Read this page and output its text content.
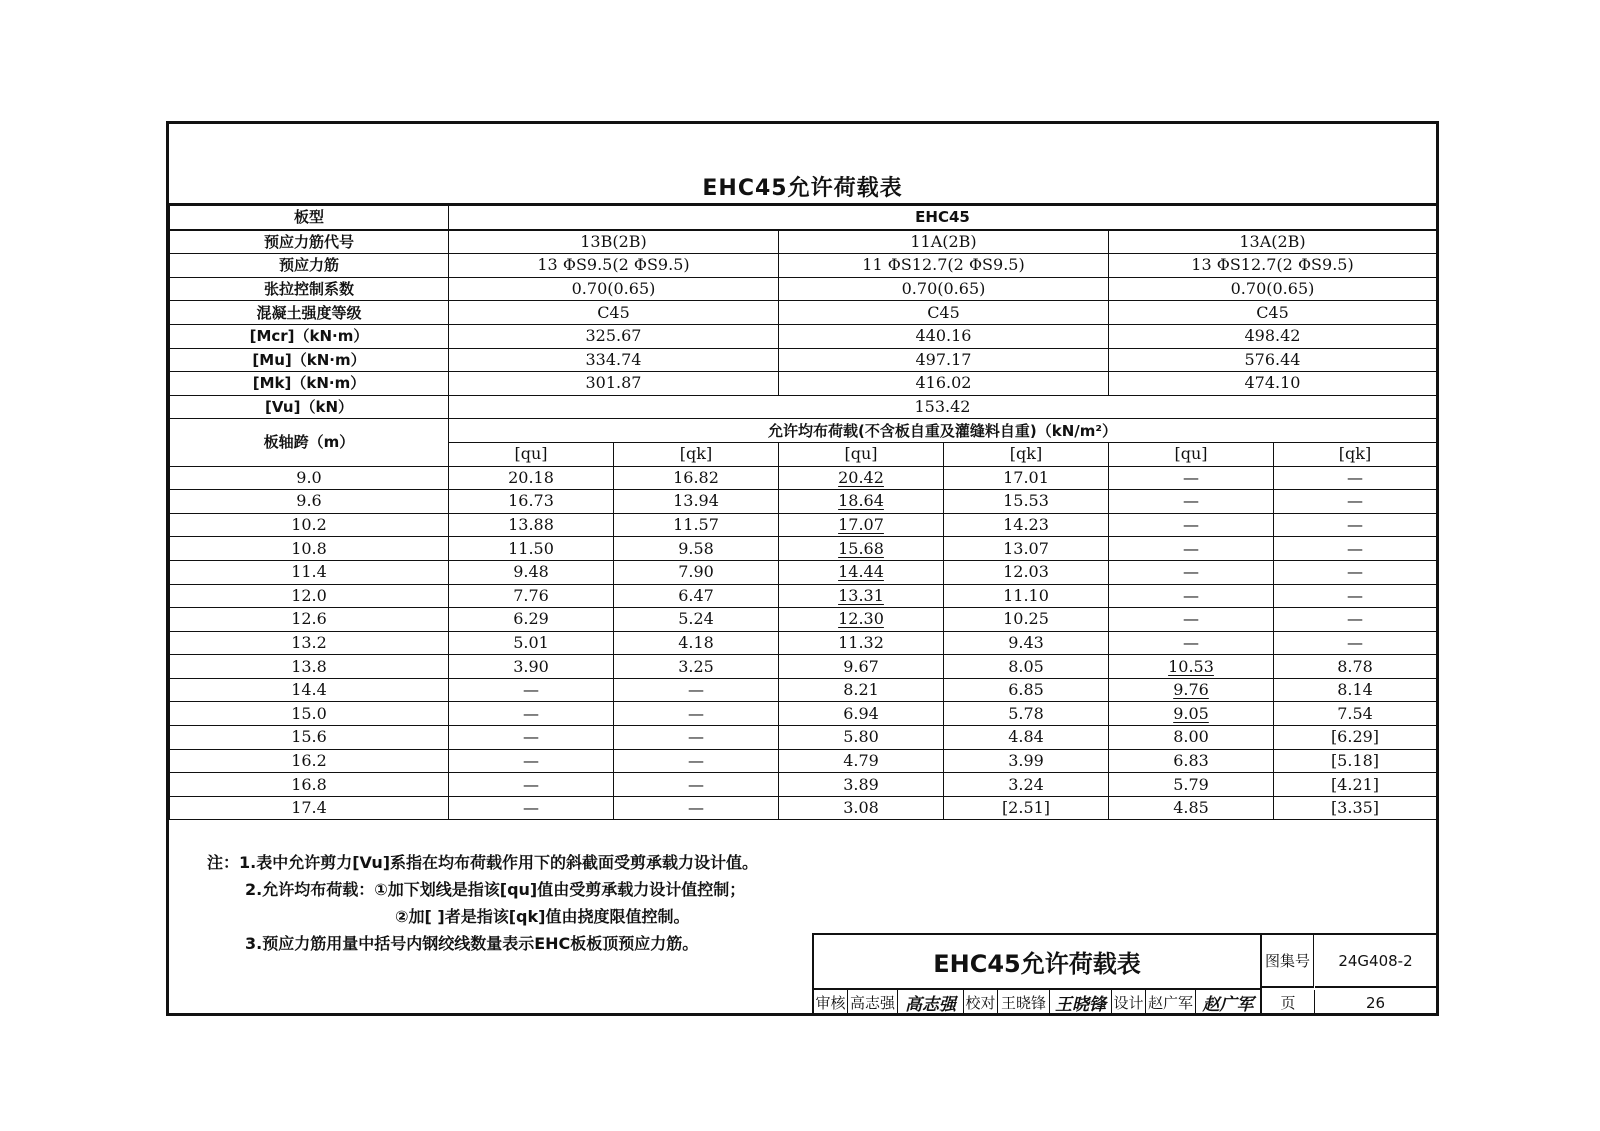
EHC45允许荷载表
板型	EHC45					
预应力筋代号	13B(2B)		11A(2B)		13A(2B)	
预应力筋	13 ΦS9.5(2 ΦS9.5)		11 ΦS12.7(2 ΦS9.5)		13 ΦS12.7(2 ΦS9.5)	
张拉控制系数	0.70(0.65)		0.70(0.65)		0.70(0.65)	
混凝土强度等级	C45		C45		C45	
[Mcr]（kN·m）	325.67		440.16		498.42	
[Mu]（kN·m）	334.74		497.17		576.44	
[Mk]（kN·m）	301.87		416.02		474.10	
[Vu]（kN）	153.42					
板轴跨（m）	允许均布荷载(不含板自重及灌缝料自重)（kN/m²）					
	[qu]	[qk]	[qu]	[qk]	[qu]	[qk]
9.0	20.18	16.82	20.42	17.01	—	—
9.6	16.73	13.94	18.64	15.53	—	—
10.2	13.88	11.57	17.07	14.23	—	—
10.8	11.50	9.58	15.68	13.07	—	—
11.4	9.48	7.90	14.44	12.03	—	—
12.0	7.76	6.47	13.31	11.10	—	—
12.6	6.29	5.24	12.30	10.25	—	—
13.2	5.01	4.18	11.32	9.43	—	—
13.8	3.90	3.25	9.67	8.05	10.53	8.78
14.4	—	—	8.21	6.85	9.76	8.14
15.0	—	—	6.94	5.78	9.05	7.54
15.6	—	—	5.80	4.84	8.00	[6.29]
16.2	—	—	4.79	3.99	6.83	[5.18]
16.8	—	—	3.89	3.24	5.79	[4.21]
17.4	—	—	3.08	[2.51]	4.85	[3.35]
注：1.表中允许剪力[Vu]系指在均布荷载作用下的斜截面受剪承载力设计值。
2.允许均布荷载：①加下划线是指该[qu]值由受剪承载力设计值控制；
②加[ ]者是指该[qk]值由挠度限值控制。
3.预应力筋用量中括号内钢绞线数量表示EHC板板顶预应力筋。
EHC45允许荷载表	图集号	24G408-2
审核 高志强 高志强 校对 王晓锋 王晓锋 设计 赵广军 赵广军	页	26
